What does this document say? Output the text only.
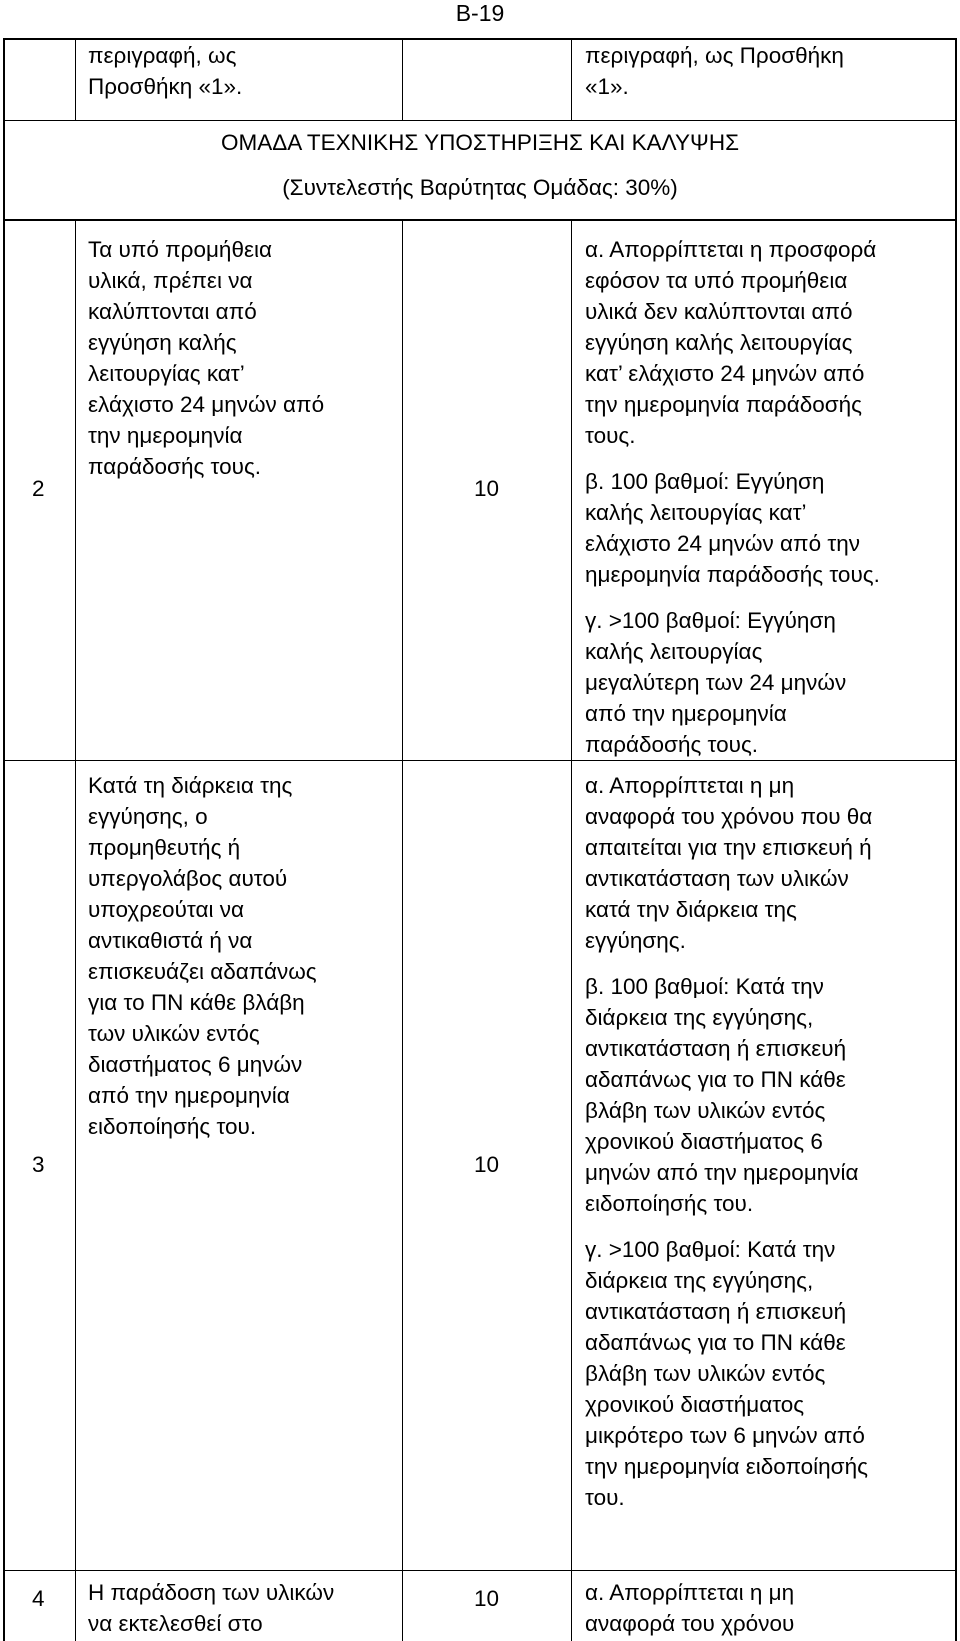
Β-19
περιγραφή, ως
Προσθήκη «1».
περιγραφή, ως Προσθήκη
«1».
ΟΜΑΔΑ ΤΕΧΝΙΚΗΣ ΥΠΟΣΤΗΡΙΞΗΣ ΚΑΙ ΚΑΛΥΨΗΣ
(Συντελεστής Βαρύτητας Ομάδας: 30%)
2
Τα υπό προμήθεια
υλικά, πρέπει να
καλύπτονται από
εγγύηση καλής
λειτουργίας κατ’
ελάχιστο 24 μηνών από
την ημερομηνία
παράδοσής τους.
10

α. Απορρίπτεται η προσφορά
εφόσον τα υπό προμήθεια
υλικά δεν καλύπτονται από
εγγύηση καλής λειτουργίας
κατ’ ελάχιστο 24 μηνών από
την ημερομηνία παράδοσής
τους.

β. 100 βαθμοί: Εγγύηση
καλής λειτουργίας κατ’
ελάχιστο 24 μηνών από την
ημερομηνία παράδοσής τους.

γ. >100 βαθμοί: Εγγύηση
καλής λειτουργίας
μεγαλύτερη των 24 μηνών
από την ημερομηνία
παράδοσής τους.

3
Κατά τη διάρκεια της
εγγύησης, ο
προμηθευτής ή
υπεργολάβος αυτού
υποχρεούται να
αντικαθιστά ή να
επισκευάζει αδαπάνως
για το ΠΝ κάθε βλάβη
των υλικών εντός
διαστήματος 6 μηνών
από την ημερομηνία
ειδοποίησής του.
10

α. Απορρίπτεται η μη
αναφορά του χρόνου που θα
απαιτείται για την επισκευή ή
αντικατάσταση των υλικών
κατά την διάρκεια της
εγγύησης.

β. 100 βαθμοί: Κατά την
διάρκεια της εγγύησης,
αντικατάσταση ή επισκευή
αδαπάνως για το ΠΝ κάθε
βλάβη των υλικών εντός
χρονικού διαστήματος 6
μηνών από την ημερομηνία
ειδοποίησής του.

γ. >100 βαθμοί: Κατά την
διάρκεια της εγγύησης,
αντικατάσταση ή επισκευή
αδαπάνως για το ΠΝ κάθε
βλάβη των υλικών εντός
χρονικού διαστήματος
μικρότερο των 6 μηνών από
την ημερομηνία ειδοποίησής
του.

4 Η παράδοση των υλικών
να εκτελεσθεί στο
10	α. Απορρίπτεται η μη
αναφορά του χρόνου
